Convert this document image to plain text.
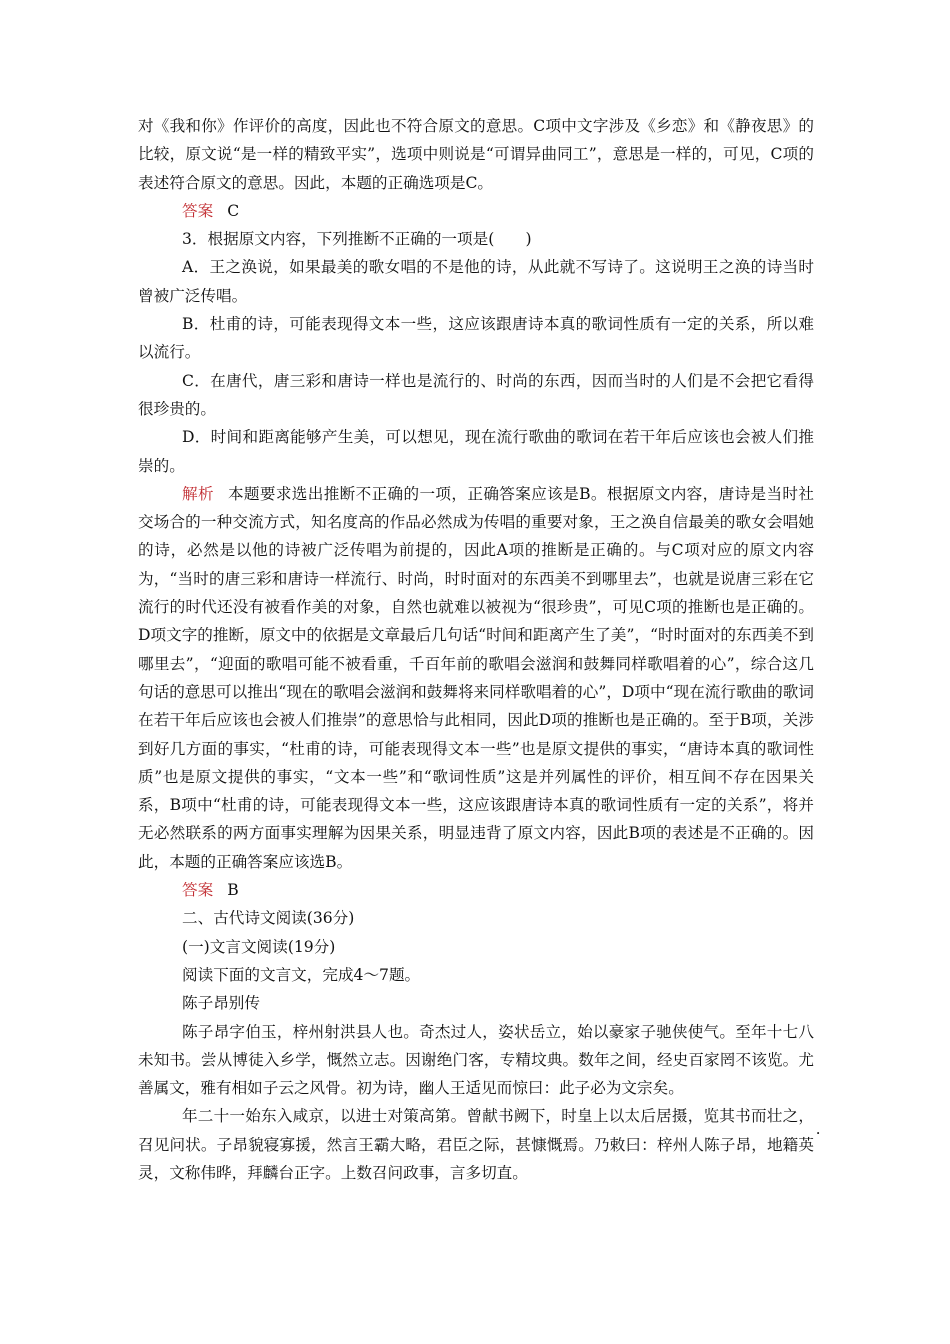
对《我和你》作评价的高度，因此也不符合原文的意思。C项中文字涉及《乡恋》和《静夜思》的比较，原文说“是一样的精致平实”，选项中则说是“可谓异曲同工”，意思是一样的，可见，C项的表述符合原文的意思。因此，本题的正确选项是C。

答案 C

3．根据原文内容，下列推断不正确的一项是(　　)

A．王之涣说，如果最美的歌女唱的不是他的诗，从此就不写诗了。这说明王之涣的诗当时曾被广泛传唱。

B．杜甫的诗，可能表现得文本一些，这应该跟唐诗本真的歌词性质有一定的关系，所以难以流行。

C．在唐代，唐三彩和唐诗一样也是流行的、时尚的东西，因而当时的人们是不会把它看得很珍贵的。

D．时间和距离能够产生美，可以想见，现在流行歌曲的歌词在若干年后应该也会被人们推崇的。

解析 本题要求选出推断不正确的一项，正确答案应该是B。根据原文内容，唐诗是当时社交场合的一种交流方式，知名度高的作品必然成为传唱的重要对象，王之涣自信最美的歌女会唱她的诗，必然是以他的诗被广泛传唱为前提的，因此A项的推断是正确的。与C项对应的原文内容为，“当时的唐三彩和唐诗一样流行、时尚，时时面对的东西美不到哪里去”，也就是说唐三彩在它流行的时代还没有被看作美的对象，自然也就难以被视为“很珍贵”，可见C项的推断也是正确的。D项文字的推断，原文中的依据是文章最后几句话“时间和距离产生了美”，“时时面对的东西美不到哪里去”，“迎面的歌唱可能不被看重，千百年前的歌唱会滋润和鼓舞同样歌唱着的心”，综合这几句话的意思可以推出“现在的歌唱会滋润和鼓舞将来同样歌唱着的心”，D项中“现在流行歌曲的歌词在若干年后应该也会被人们推崇”的意思恰与此相同，因此D项的推断也是正确的。至于B项，关涉到好几方面的事实，“杜甫的诗，可能表现得文本一些”也是原文提供的事实，“唐诗本真的歌词性质”也是原文提供的事实，“文本一些”和“歌词性质”这是并列属性的评价，相互间不存在因果关系，B项中“杜甫的诗，可能表现得文本一些，这应该跟唐诗本真的歌词性质有一定的关系”，将并无必然联系的两方面事实理解为因果关系，明显违背了原文内容，因此B项的表述是不正确的。因此，本题的正确答案应该选B。

答案 B

二、古代诗文阅读(36分)

(一)文言文阅读(19分)

阅读下面的文言文，完成4～7题。

陈子昂别传

陈子昂字伯玉，梓州射洪县人也。奇杰过人，姿状岳立，始以豪家子驰侠使气。至年十七八未知书。尝从博徒入乡学，慨然立志。因谢绝门客，专精坟典。数年之间，经史百家罔不该览。尤善属文，雅有相如子云之风骨。初为诗，幽人王适见而惊曰：此子必为文宗矣。

年二十一始东入咸京，以进士对策高第。曾献书阙下，时皇上以太后居摄，览其书而壮 ·之，召见问状。子昂貌寝寡援，然言王霸大略，君臣之际，甚慷慨焉。乃敕曰：梓州人陈子昂，地籍英灵，文称伟晔，拜麟台正字。上数召问政事，言多切直。
